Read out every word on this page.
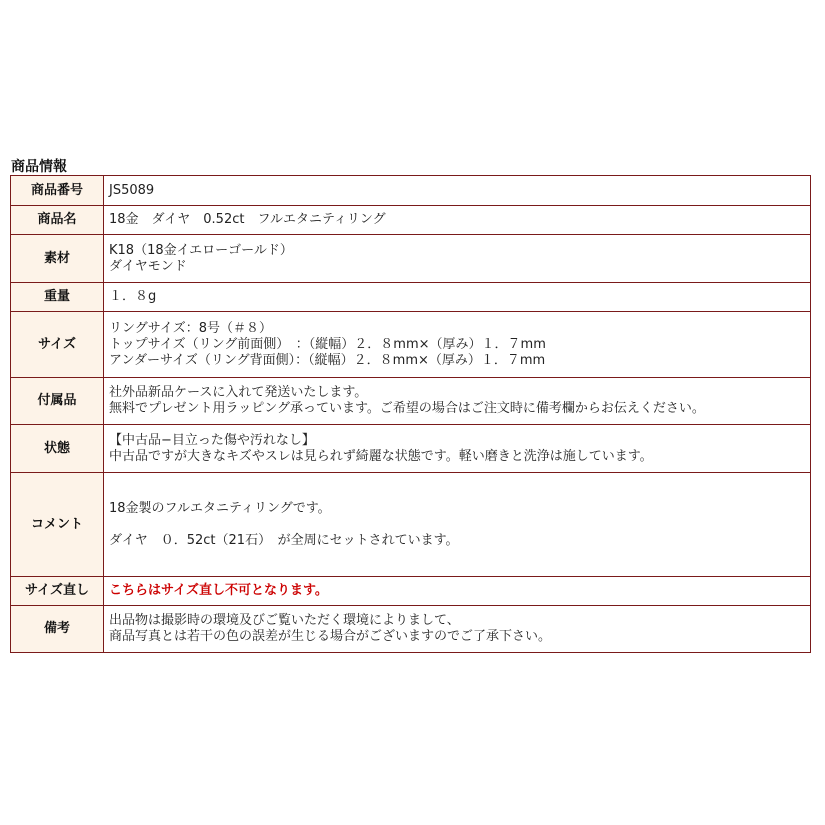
商品情報
商品番号	JS5089
商品名	18金　ダイヤ　0.52ct　フルエタニティリング
素材	K18（18金イエローゴールド）
ダイヤモンド

重量	１．８g
サイズ	リングサイズ：8号（＃８）
トップサイズ（リング前面側）　：（縦幅）２．８mm×（厚み）１．７mm
アンダーサイズ（リング背面側）：（縦幅）２．８mm×（厚み）１．７mm

付属品	社外品新品ケースに入れて発送いたします。
無料でプレゼント用ラッピング承っています。ご希望の場合はご注文時に備考欄からお伝えください。

状態	【中古品−目立った傷や汚れなし】
中古品ですが大きなキズやスレは見られず綺麗な状態です。軽い磨きと洗浄は施しています。

コメント	18金製のフルエタニティリングです。
ダイヤ　０．52ct（21石）　が全周にセットされています。

サイズ直し	こちらはサイズ直し不可となります。
備考	出品物は撮影時の環境及びご覧いただく環境によりまして、
商品写真とは若干の色の誤差が生じる場合がございますのでご了承下さい。
